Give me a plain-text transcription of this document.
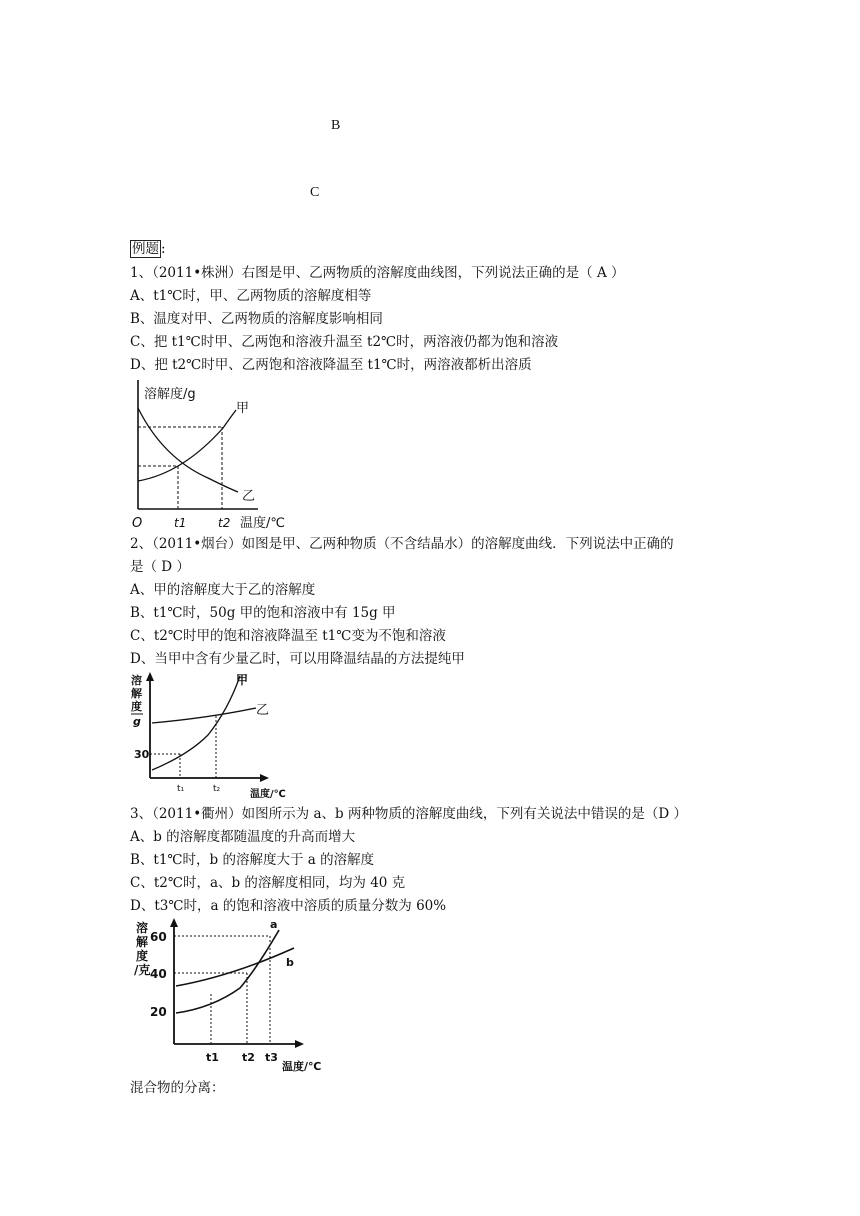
B
C
例题 :
1、（2011•株洲）右图是甲、乙两物质的溶解度曲线图，下列说法正确的是（ A ）
A、t1℃时，甲、乙两物质的溶解度相等
B、温度对甲、乙两物质的溶解度影响相同
C、把 t1℃时甲、乙两饱和溶液升温至 t2℃时，两溶液仍都为饱和溶液
D、把 t2℃时甲、乙两饱和溶液降温至 t1℃时，两溶液都析出溶质
溶解度/g
甲
乙
O	t1	t2 温度/℃
2、（2011•烟台）如图是甲、乙两种物质（不含结晶水）的溶解度曲线．下列说法中正确的
是（ D ）
A、甲的溶解度大于乙的溶解度
B、t1℃时，50g 甲的饱和溶液中有 15g 甲
C、t2℃时甲的饱和溶液降温至 t1℃变为不饱和溶液
D、当甲中含有少量乙时，可以用降温结晶的方法提纯甲
溶
解
度
g
甲
乙
30
t₁	t₂	温度/℃
3、（2011•衢州）如图所示为 a、b 两种物质的溶解度曲线，下列有关说法中错误的是（D ）
A、b 的溶解度都随温度的升高而增大
B、t1℃时，b 的溶解度大于 a 的溶解度
C、t2℃时，a、b 的溶解度相同，均为 40 克
D、t3℃时，a 的饱和溶液中溶质的质量分数为 60%
溶
解
度
/克
a
b
60
40
20
t1 t2 t3
温度/℃
混合物的分离：
